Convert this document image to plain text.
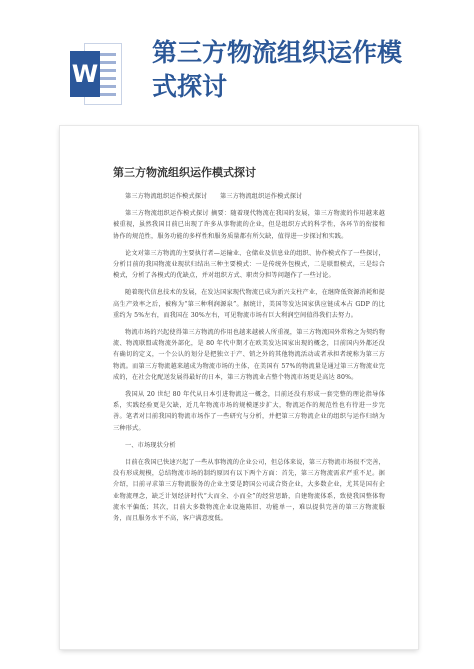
W
第三方物流组织运作模
式探讨
第三方物流组织运作模式探讨

第三方物流组织运作模式探讨　　第三方物流组织运作模式探讨

第三方物流组织运作模式探讨 摘要：随着现代物流在我国的发展，第三方物流的作用越来越被重视，虽然我国目前已出现了许多从事物流的企业，但是组织方式的科学性，各环节的衔接和协作的规范性，服务功能的多样性和服务质量都有所欠缺，值得进一步探讨和实践。

论文对第三方物流的主要执行者—运输业、仓储业及信息业的组织、协作模式作了一些探讨，分析目前的我国物流业现状归结出三种主要模式：一是传统外包模式，二是联盟模式，三是综合模式，分析了各模式的优缺点，并对组织方式、职责分担等问题作了一些讨论。

随着现代信息技术的发展，在发达国家现代物流已成为新兴支柱产业，在继降低资源消耗和提高生产效率之后，被称为“第三种利润源泉”。据统计，美国等发达国家供应链成本占 GDP 的比重约为 5%左右，而我国在 30%左右，可见物流市场有巨大利润空间值得我们去努力。

物流市场的兴起使得第三方物流的作用也越来越被人所重视，第三方物流国外常称之为契约物流、物流联盟或物流外部化，是 80 年代中期才在欧美发达国家出现的概念，目前国内外都还没有确切的定义，一个公认的划分是把独立于产、销之外的其他物流活动或者承担者统称为第三方物流。而第三方物流越来越成为物流市场的主体，在美国有 57%的物流量是通过第三方物流业完成的，在社会化配送发展得最好的日本，第三方物流业占整个物流市场更是高达 80%。

我国从 20 世纪 80 年代从日本引进物流这一概念，目前还没有形成一套完整的理论指导体系，实践经验更是欠缺，近几年物流市场的规模逐步扩大，物流运作的规范性也有待进一步完善。笔者对目前我国的物流市场作了一些研究与分析，并把第三方物流企业的组织与运作归纳为三种形式。

一、市场现状分析

目前在我国已快速兴起了一些从事物流的企业公司，但总体来说，第三方物流市场很不完善，没有形成规模，总结物流市场的制约原因有以下两个方面：首先，第三方物流需求严重不足。据介绍，目前寻求第三方物流服务的企业主要是跨国公司或合资企业，大多数企业，尤其是国有企业物流理念，缺乏计划经济时代“大而全、小而全”的经营思路，自建物流体系，致使我国整体物流水平偏低；其次，目前大多数物流企业设施陈旧、功能单一，难以提供完善的第三方物流服务，而且服务水平不高，客户满意度低。
